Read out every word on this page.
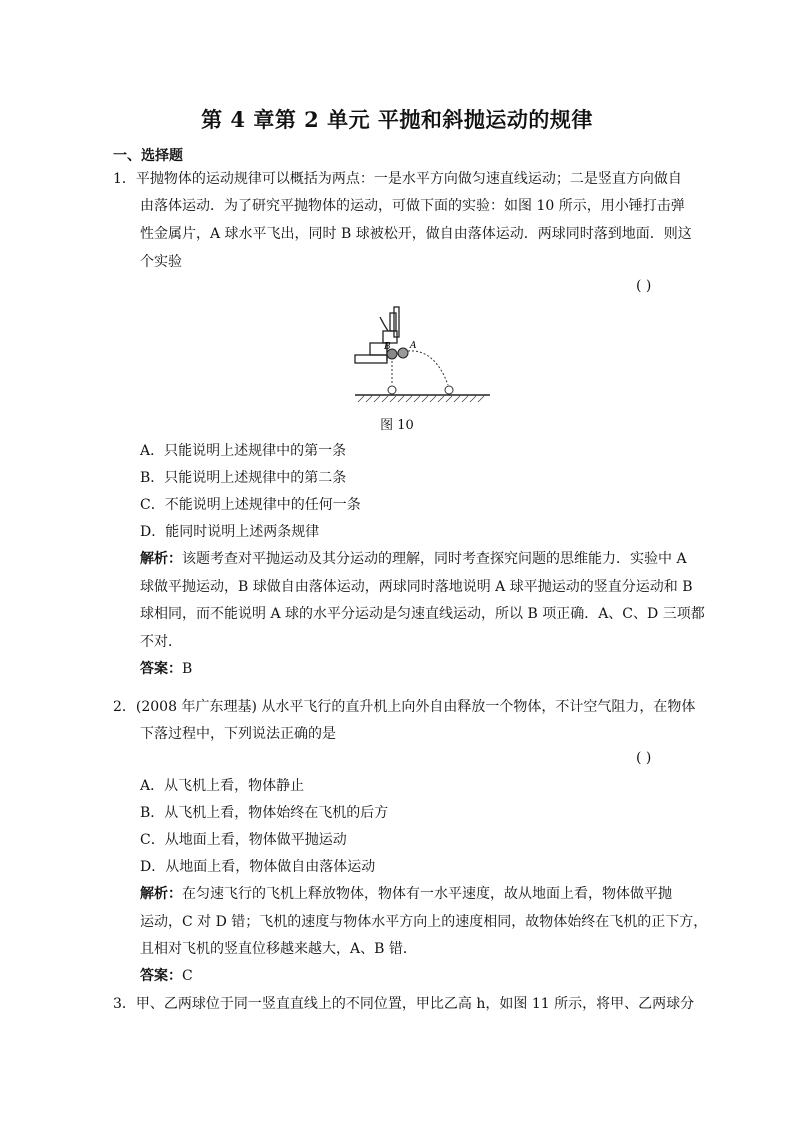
第 4 章第 2 单元 平抛和斜抛运动的规律
一、选择题
1．平抛物体的运动规律可以概括为两点：一是水平方向做匀速直线运动；二是竖直方向做自
由落体运动．为了研究平抛物体的运动，可做下面的实验：如图 10 所示，用小锤打击弹
性金属片，A 球水平飞出，同时 B 球被松开，做自由落体运动．两球同时落到地面．则这
个实验
( )
B A
图 10
A．只能说明上述规律中的第一条
B．只能说明上述规律中的第二条
C．不能说明上述规律中的任何一条
D．能同时说明上述两条规律
解析：该题考查对平抛运动及其分运动的理解，同时考查探究问题的思维能力．实验中 A
球做平抛运动，B 球做自由落体运动，两球同时落地说明 A 球平抛运动的竖直分运动和 B
球相同，而不能说明 A 球的水平分运动是匀速直线运动，所以 B 项正确．A、C、D 三项都
不对．
答案：B
2．(2008 年广东理基) 从水平飞行的直升机上向外自由释放一个物体，不计空气阻力，在物体
下落过程中，下列说法正确的是
( )
A．从飞机上看，物体静止
B．从飞机上看，物体始终在飞机的后方
C．从地面上看，物体做平抛运动
D．从地面上看，物体做自由落体运动
解析：在匀速飞行的飞机上释放物体，物体有一水平速度，故从地面上看，物体做平抛
运动，C 对 D 错；飞机的速度与物体水平方向上的速度相同，故物体始终在飞机的正下方，
且相对飞机的竖直位移越来越大，A、B 错．
答案：C
3．甲、乙两球位于同一竖直直线上的不同位置，甲比乙高 h，如图 11 所示，将甲、乙两球分
